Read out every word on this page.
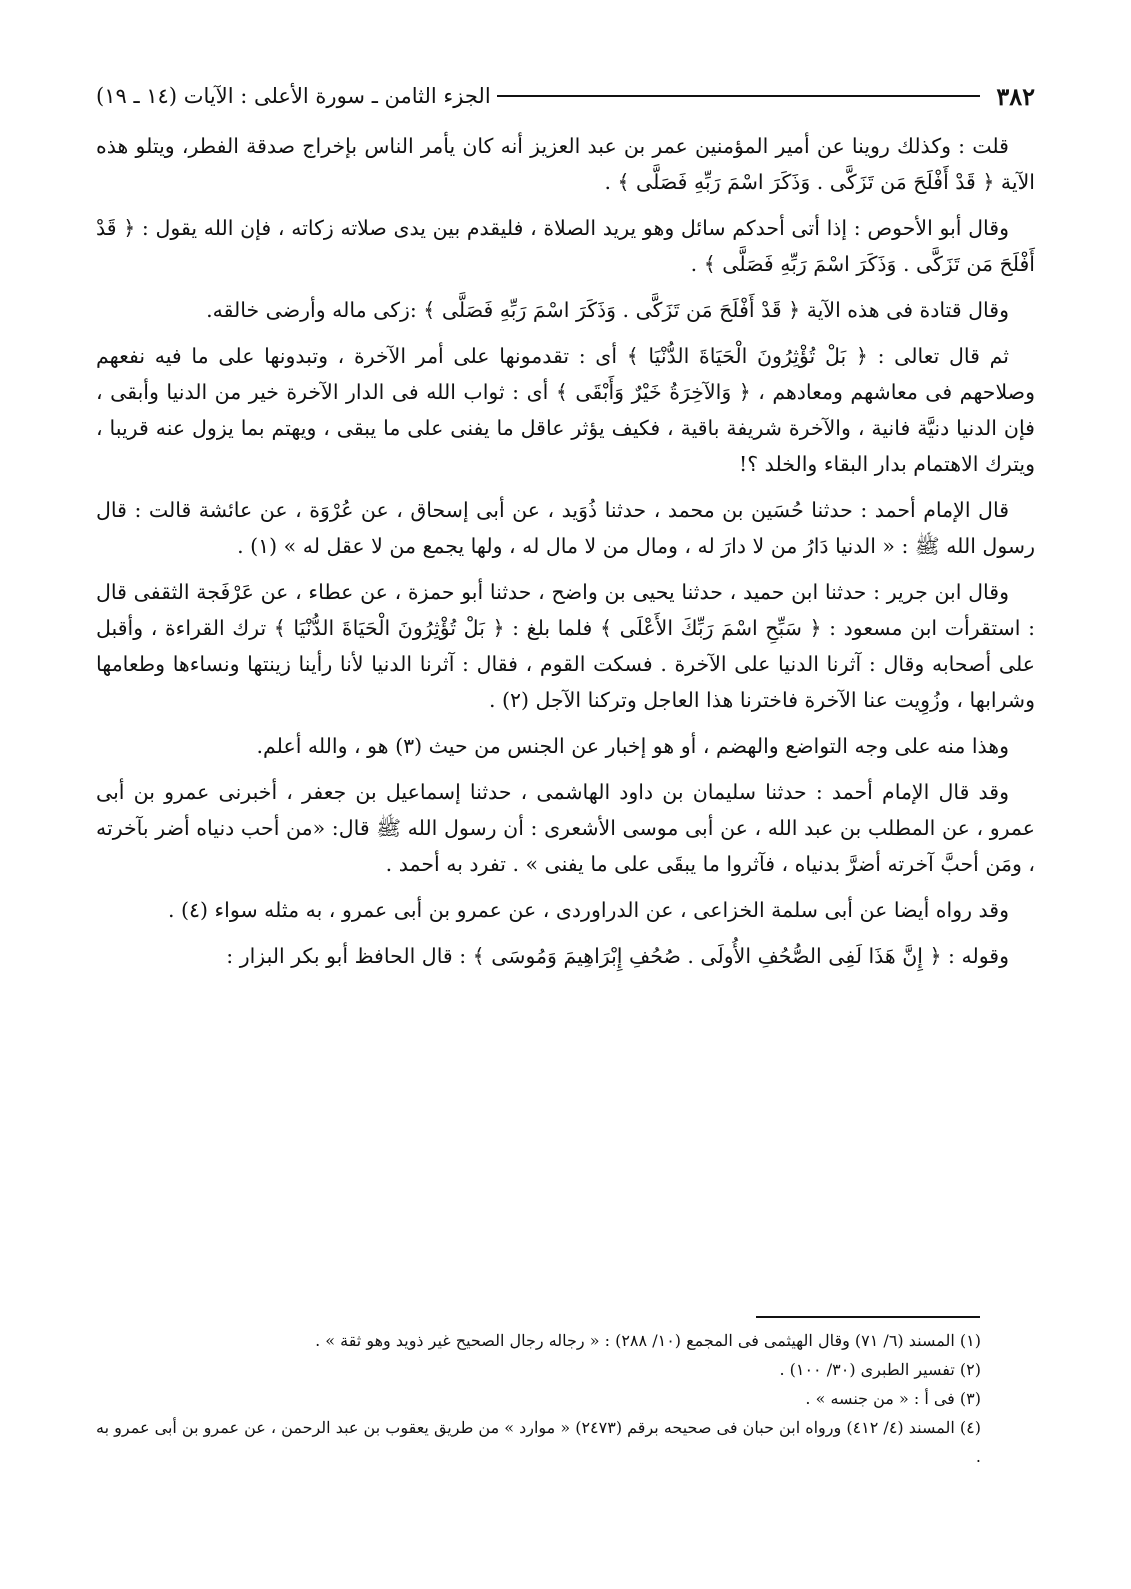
٣٨٢
الجزء الثامن ـ سورة الأعلى : الآيات (١٤ ـ ١٩)

قلت : وكذلك روينا عن أمير المؤمنين عمر بن عبد العزيز أنه كان يأمر الناس بإخراج صدقة الفطر، ويتلو هذه الآية ﴿ قَدْ أَفْلَحَ مَن تَزَكَّى . وَذَكَرَ اسْمَ رَبِّهِ فَصَلَّى ﴾ .

وقال أبو الأحوص : إذا أتى أحدكم سائل وهو يريد الصلاة ، فليقدم بين يدى صلاته زكاته ، فإن الله يقول : ﴿ قَدْ أَفْلَحَ مَن تَزَكَّى . وَذَكَرَ اسْمَ رَبِّهِ فَصَلَّى ﴾ .

وقال قتادة فى هذه الآية ﴿ قَدْ أَفْلَحَ مَن تَزَكَّى . وَذَكَرَ اسْمَ رَبِّهِ فَصَلَّى ﴾ :زكى ماله وأرضى خالقه.

ثم قال تعالى : ﴿ بَلْ تُؤْثِرُونَ الْحَيَاةَ الدُّنْيَا ﴾ أى : تقدمونها على أمر الآخرة ، وتبدونها على ما فيه نفعهم وصلاحهم فى معاشهم ومعادهم ، ﴿ وَالآخِرَةُ خَيْرٌ وَأَبْقَى ﴾ أى : ثواب الله فى الدار الآخرة خير من الدنيا وأبقى ، فإن الدنيا دنيَّة فانية ، والآخرة شريفة باقية ، فكيف يؤثر عاقل ما يفنى على ما يبقى ، ويهتم بما يزول عنه قريبا ، ويترك الاهتمام بدار البقاء والخلد ؟!

قال الإمام أحمد : حدثنا حُسَين بن محمد ، حدثنا ذُوَيد ، عن أبى إسحاق ، عن عُرْوَة ، عن عائشة قالت : قال رسول الله ﷺ : « الدنيا دَارُ من لا دارَ له ، ومال من لا مال له ، ولها يجمع من لا عقل له » (١) .

وقال ابن جرير : حدثنا ابن حميد ، حدثنا يحيى بن واضح ، حدثنا أبو حمزة ، عن عطاء ، عن عَرْفَجة الثقفى قال : استقرأت ابن مسعود : ﴿ سَبِّحِ اسْمَ رَبِّكَ الأَعْلَى ﴾ فلما بلغ : ﴿ بَلْ تُؤْثِرُونَ الْحَيَاةَ الدُّنْيَا ﴾ ترك القراءة ، وأقبل على أصحابه وقال : آثرنا الدنيا على الآخرة . فسكت القوم ، فقال : آثرنا الدنيا لأنا رأينا زينتها ونساءها وطعامها وشرابها ، وزُوِيت عنا الآخرة فاخترنا هذا العاجل وتركنا الآجل (٢) .

وهذا منه على وجه التواضع والهضم ، أو هو إخبار عن الجنس من حيث (٣) هو ، والله أعلم.

وقد قال الإمام أحمد : حدثنا سليمان بن داود الهاشمى ، حدثنا إسماعيل بن جعفر ، أخبرنى عمرو بن أبى عمرو ، عن المطلب بن عبد الله ، عن أبى موسى الأشعرى : أن رسول الله ﷺ قال: «من أحب دنياه أضر بآخرته ، ومَن أحبَّ آخرته أضرَّ بدنياه ، فآثروا ما يبقَى على ما يفنى » . تفرد به أحمد .

وقد رواه أيضا عن أبى سلمة الخزاعى ، عن الدراوردى ، عن عمرو بن أبى عمرو ، به مثله سواء (٤) .

وقوله : ﴿ إِنَّ هَذَا لَفِى الصُّحُفِ الأُولَى . صُحُفِ إِبْرَاهِيمَ وَمُوسَى ﴾ : قال الحافظ أبو بكر البزار :

(١) المسند (٦/ ٧١) وقال الهيثمى فى المجمع (١٠/ ٢٨٨) : « رجاله رجال الصحيح غير ذويد وهو ثقة » .

(٢) تفسير الطبرى (٣٠/ ١٠٠) .

(٣) فى أ : « من جنسه » .

(٤) المسند (٤/ ٤١٢) ورواه ابن حبان فى صحيحه برقم (٢٤٧٣) « موارد » من طريق يعقوب بن عبد الرحمن ، عن عمرو بن أبى عمرو به .
